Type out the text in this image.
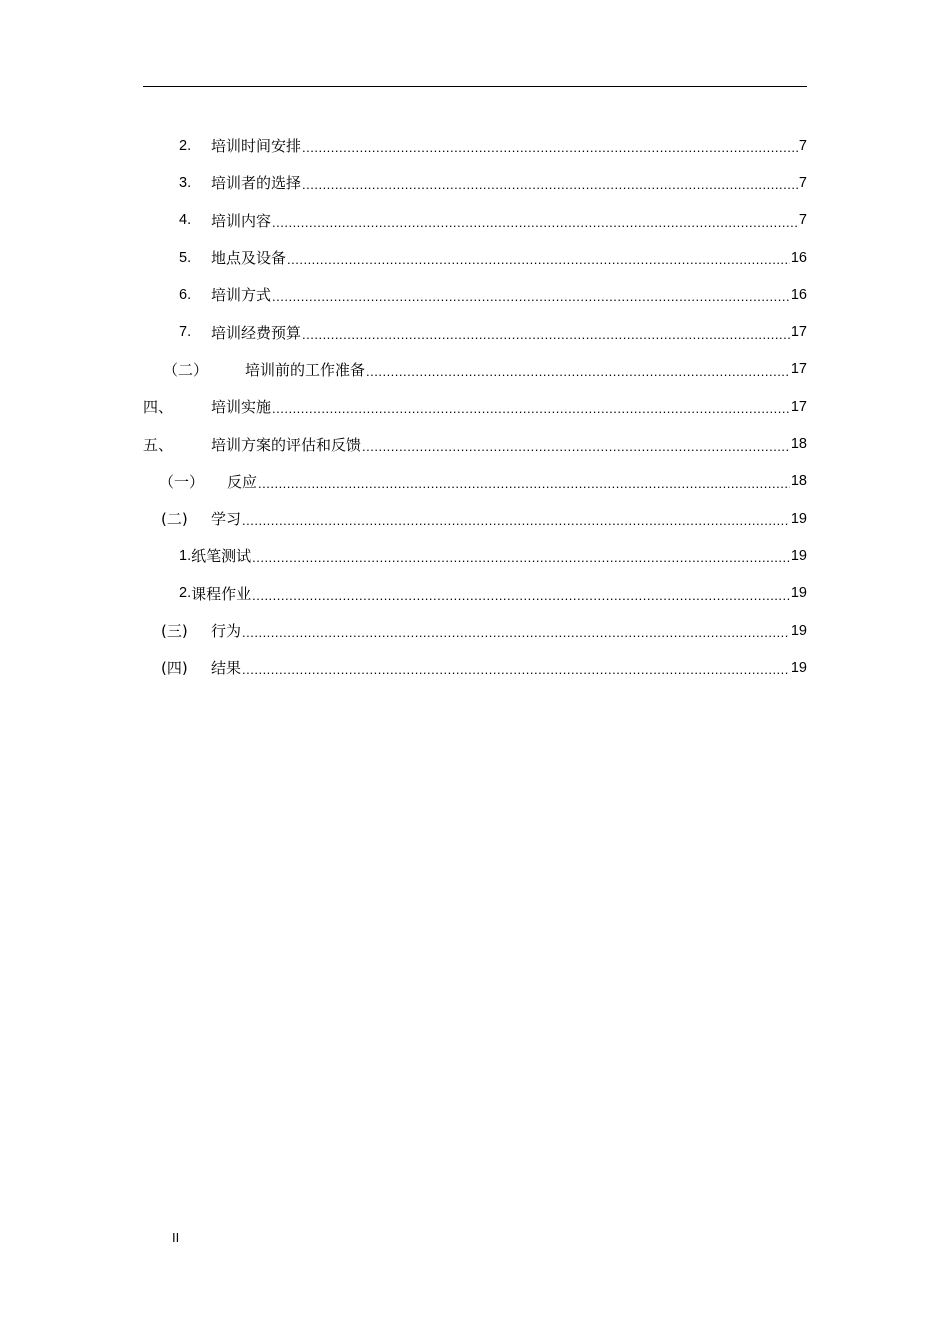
2.	培训时间安排 .....	7
3.	培训者的选择 .....	7
4.	培训内容 .....	7
5.	地点及设备 .....	16
6.	培训方式 .....	16
7.	培训经费预算 .....	17
（二）	培训前的工作准备 .....	17
四、	培训实施 .....	17
五、	培训方案的评估和反馈 .....	18
（一）	反应 .....	18
(二)	学习 .....	19
1. 纸笔测试 .....	19
2. 课程作业 .....	19
(三)	行为 .....	19
(四)	结果 .....	19
II
